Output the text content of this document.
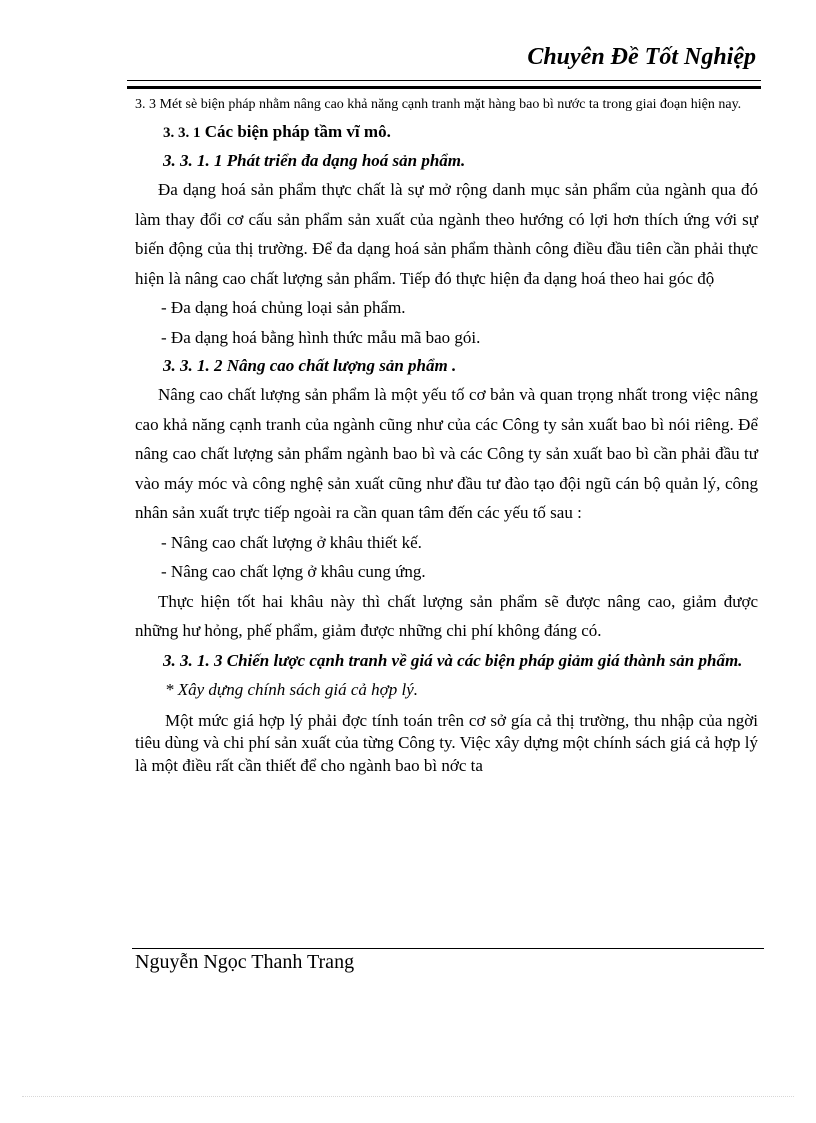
Chuyên Đề Tốt Nghiệp

3. 3 Mét sè biện pháp nhằm nâng cao khả năng cạnh tranh mặt hàng bao bì nước ta trong giai đoạn hiện nay.

3. 3. 1 Các biện pháp tầm vĩ mô.

3. 3. 1. 1 Phát triển đa dạng hoá sản phẩm.

Đa dạng hoá sản phẩm thực chất là sự mở rộng danh mục sản phẩm của ngành qua đó làm thay đổi cơ cấu sản phẩm sản xuất của ngành theo hướng có lợi hơn thích ứng với sự biến động của thị trường. Để đa dạng hoá sản phẩm thành công điều đầu tiên cần phải thực hiện là nâng cao chất lượng sản phẩm. Tiếp đó thực hiện đa dạng hoá theo hai góc độ

- Đa dạng hoá chủng loại sản phẩm.

- Đa dạng hoá bằng hình thức mẫu mã bao gói.

3. 3. 1. 2 Nâng cao chất lượng sản phẩm .

Nâng cao chất lượng sản phẩm là một yếu tố cơ bản và quan trọng nhất trong việc nâng cao khả năng cạnh tranh của ngành cũng như của các Công ty sản xuất bao bì nói riêng. Để nâng cao chất lượng sản phẩm ngành bao bì và các Công ty sản xuất bao bì cần phải đầu tư vào máy móc và công nghệ sản xuất cũng như đầu tư đào tạo đội ngũ cán bộ quản lý, công nhân sản xuất trực tiếp ngoài ra cần quan tâm đến các yếu tố sau :

- Nâng cao chất lượng ở khâu thiết kế.

- Nâng cao chất lợng ở khâu cung ứng.

Thực hiện tốt hai khâu này thì chất lượng sản phẩm sẽ được nâng cao, giảm được những hư hỏng, phế phẩm, giảm được những chi phí không đáng có.

3. 3. 1. 3 Chiến lược cạnh tranh về giá và các biện pháp giảm giá thành sản phẩm.

* Xây dựng chính sách giá cả hợp lý.

Một mức giá hợp lý phải đợc tính toán trên cơ sở gía cả thị trường, thu nhập của ngời tiêu dùng và chi phí sản xuất của từng Công ty. Việc xây dựng một chính sách giá cả hợp lý là một điều rất cần thiết để cho ngành bao bì nớc ta

Nguyễn Ngọc Thanh Trang
